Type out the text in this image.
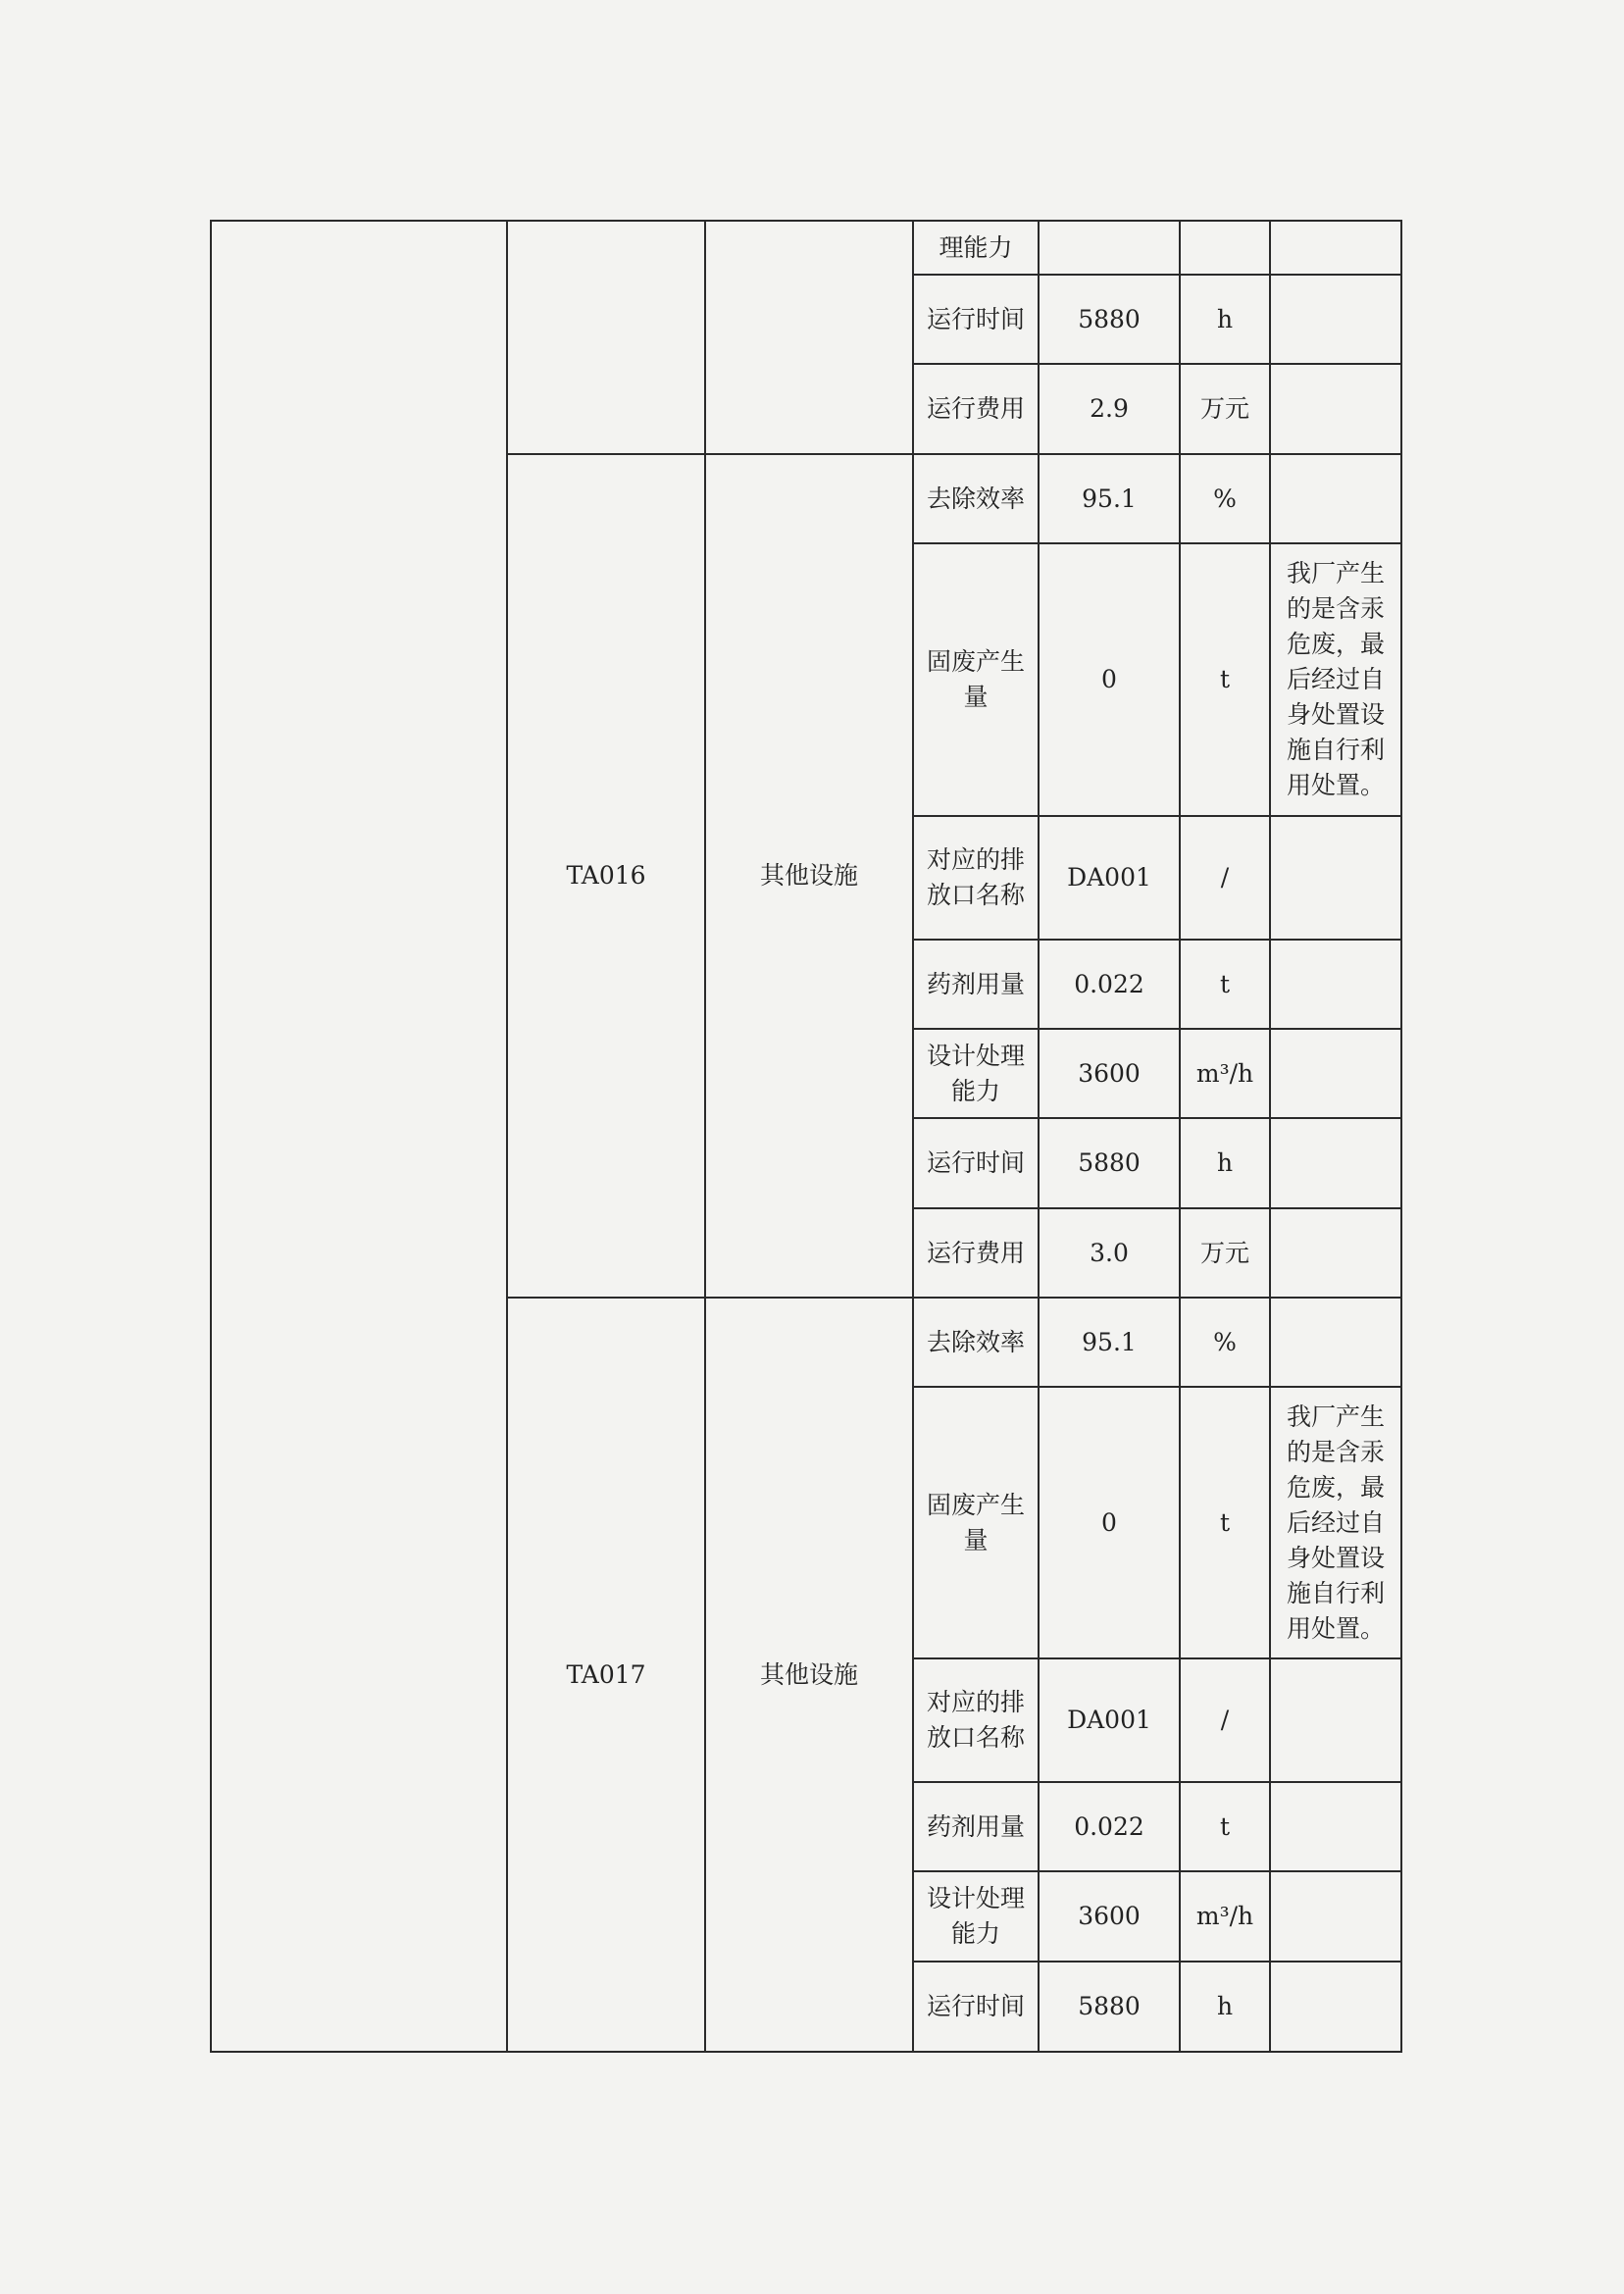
			理能力			
			运行时间	5880	h	
			运行费用	2.9	万元	
	TA016	其他设施	去除效率	95.1	%	
			固废产生量	0	t	我厂产生的是含汞危废，最后经过自身处置设施自行利用处置。
			对应的排放口名称	DA001	/	
			药剂用量	0.022	t	
			设计处理能力	3600	m³/h	
			运行时间	5880	h	
			运行费用	3.0	万元	
	TA017	其他设施	去除效率	95.1	%	
			固废产生量	0	t	我厂产生的是含汞危废，最后经过自身处置设施自行利用处置。
			对应的排放口名称	DA001	/	
			药剂用量	0.022	t	
			设计处理能力	3600	m³/h	
			运行时间	5880	h	
